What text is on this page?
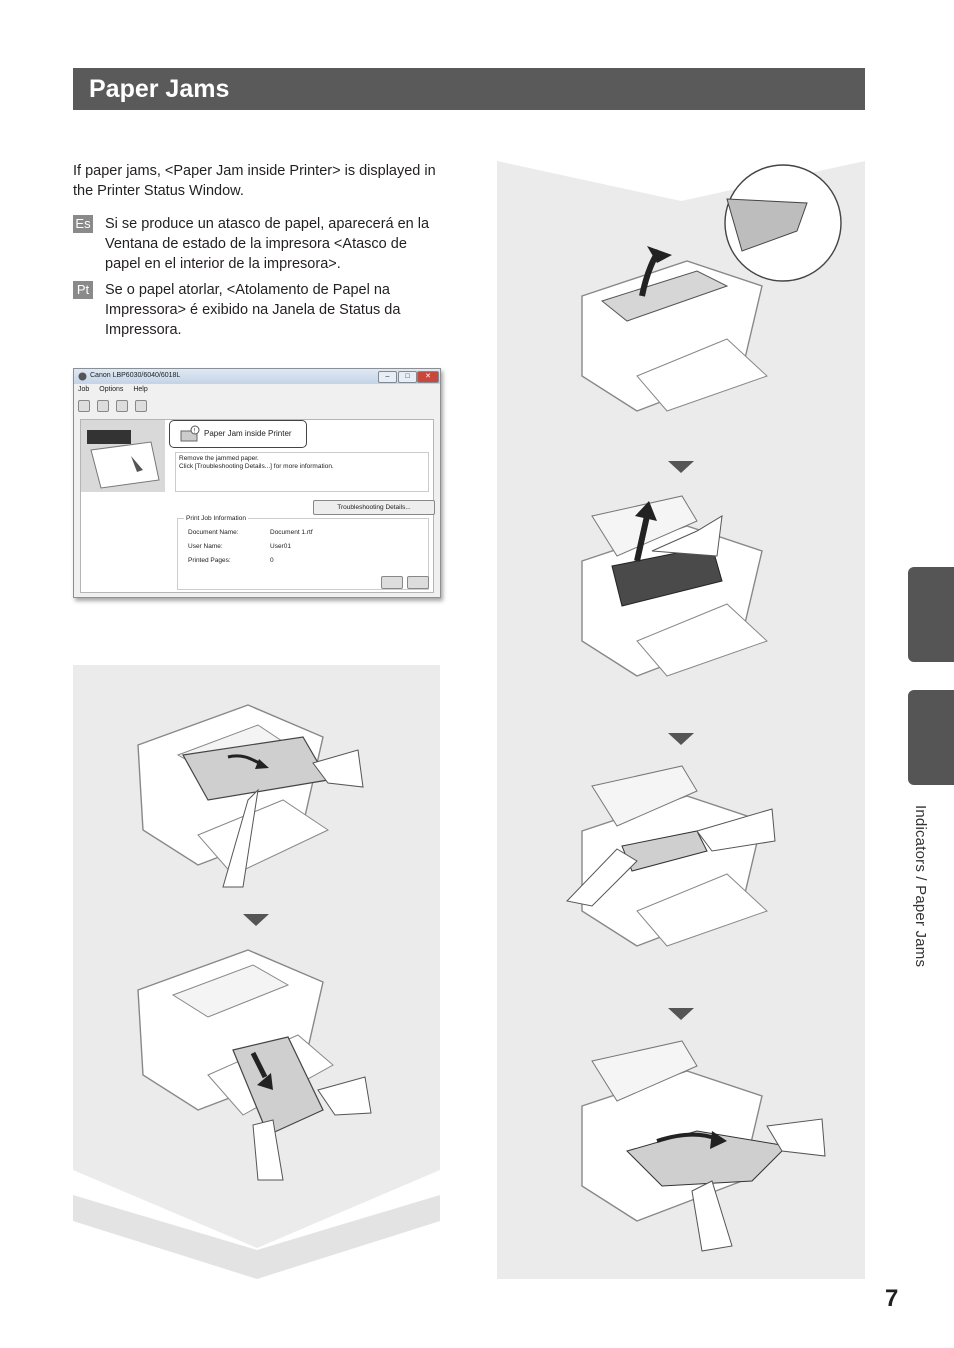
Paper Jams
If paper jams, <Paper Jam inside Printer> is displayed in the Printer Status Window.
Es Si se produce un atasco de papel, aparecerá en la Ventana de estado de la impresora <Atasco de papel en el interior de la impresora>.
Pt Se o papel atorlar, <Atolamento de Papel na Impressora> é exibido na Janela de Status da Impressora.
Canon LBP6030/6040/6018L	–	□	✕
Job Options Help

! Paper Jam inside Printer
Remove the jammed paper.
Click [Troubleshooting Details...] for more information.
Troubleshooting Details...
Print Job Information
Document Name:	Document 1.rtf
User Name:	User01
Printed Pages:	0
Indicators / Paper Jams
7
